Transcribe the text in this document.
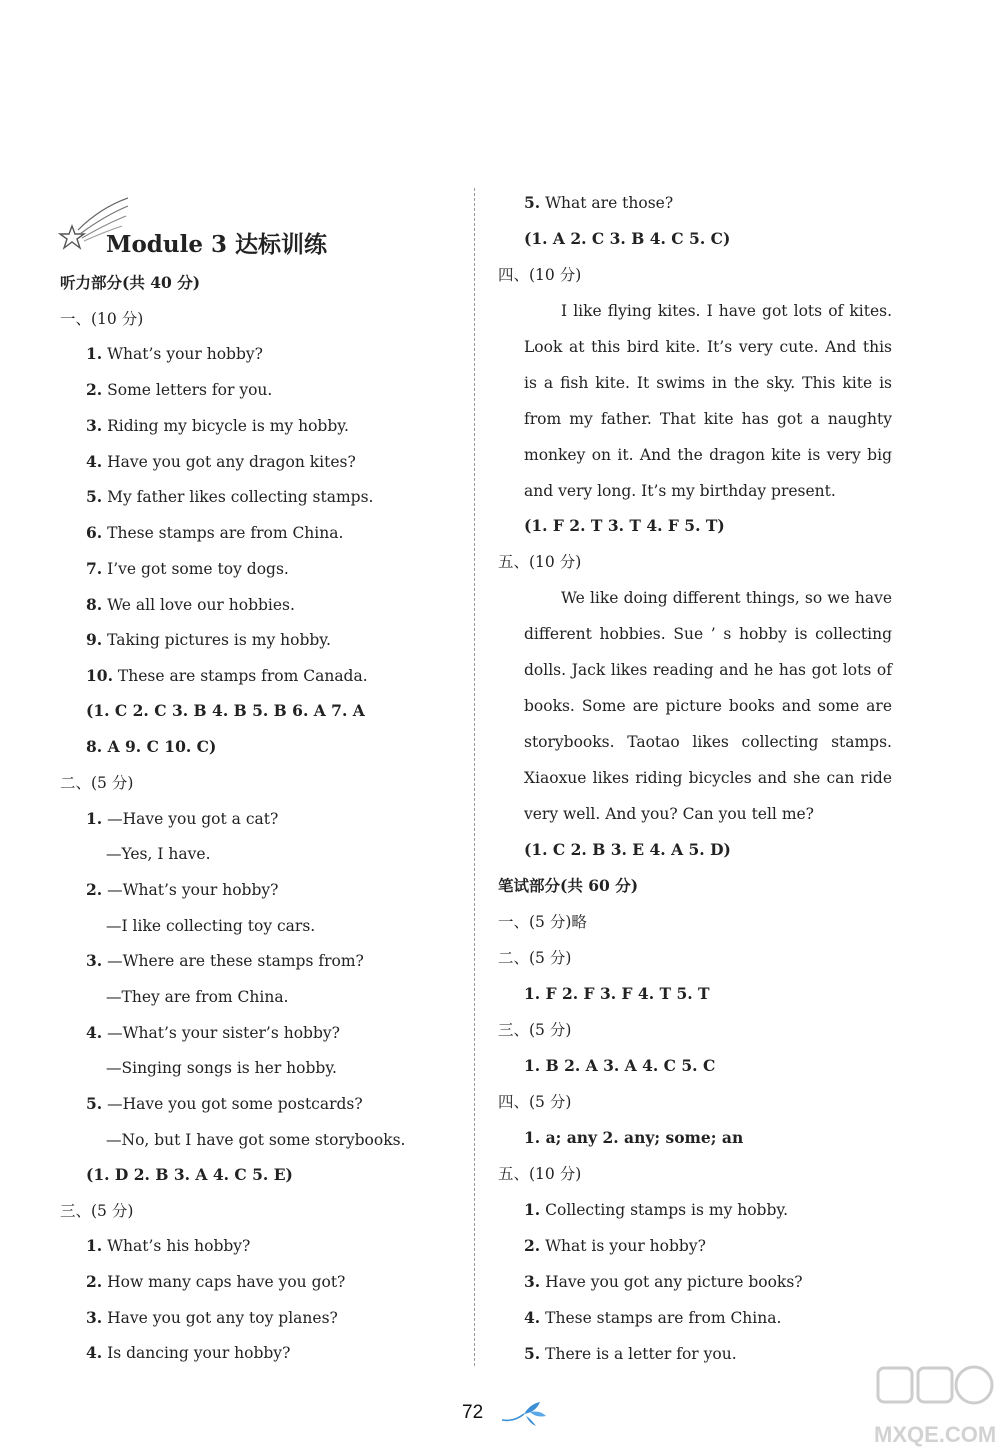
Module 3 达标训练
听力部分(共 40 分)
一、(10 分)
1. What’s your hobby?
2. Some letters for you.
3. Riding my bicycle is my hobby.
4. Have you got any dragon kites?
5. My father likes collecting stamps.
6. These stamps are from China.
7. I’ve got some toy dogs.
8. We all love our hobbies.
9. Taking pictures is my hobby.
10. These are stamps from Canada.
(1. C 2. C 3. B 4. B 5. B 6. A 7. A
8. A 9. C 10. C)
二、(5 分)
1. —Have you got a cat?
—Yes, I have.
2. —What’s your hobby?
—I like collecting toy cars.
3. —Where are these stamps from?
—They are from China.
4. —What’s your sister’s hobby?
—Singing songs is her hobby.
5. —Have you got some postcards?
—No, but I have got some storybooks.
(1. D 2. B 3. A 4. C 5. E)
三、(5 分)
1. What’s his hobby?
2. How many caps have you got?
3. Have you got any toy planes?
4. Is dancing your hobby?
5. What are those?
(1. A 2. C 3. B 4. C 5. C)
四、(10 分)
I like flying kites. I have got lots of kites.
Look at this bird kite. It’s very cute. And this
is a fish kite. It swims in the sky. This kite is
from my father. That kite has got a naughty
monkey on it. And the dragon kite is very big
and very long. It’s my birthday present.
(1. F 2. T 3. T 4. F 5. T)
五、(10 分)
We like doing different things, so we have
different hobbies. Sue ’ s hobby is collecting
dolls. Jack likes reading and he has got lots of
books. Some are picture books and some are
storybooks. Taotao likes collecting stamps.
Xiaoxue likes riding bicycles and she can ride
very well. And you? Can you tell me?
(1. C 2. B 3. E 4. A 5. D)
笔试部分(共 60 分)
一、(5 分)略
二、(5 分)
1. F 2. F 3. F 4. T 5. T
三、(5 分)
1. B 2. A 3. A 4. C 5. C
四、(5 分)
1. a; any 2. any; some; an
五、(10 分)
1. Collecting stamps is my hobby.
2. What is your hobby?
3. Have you got any picture books?
4. These stamps are from China.
5. There is a letter for you.
72
MXQE.COM
